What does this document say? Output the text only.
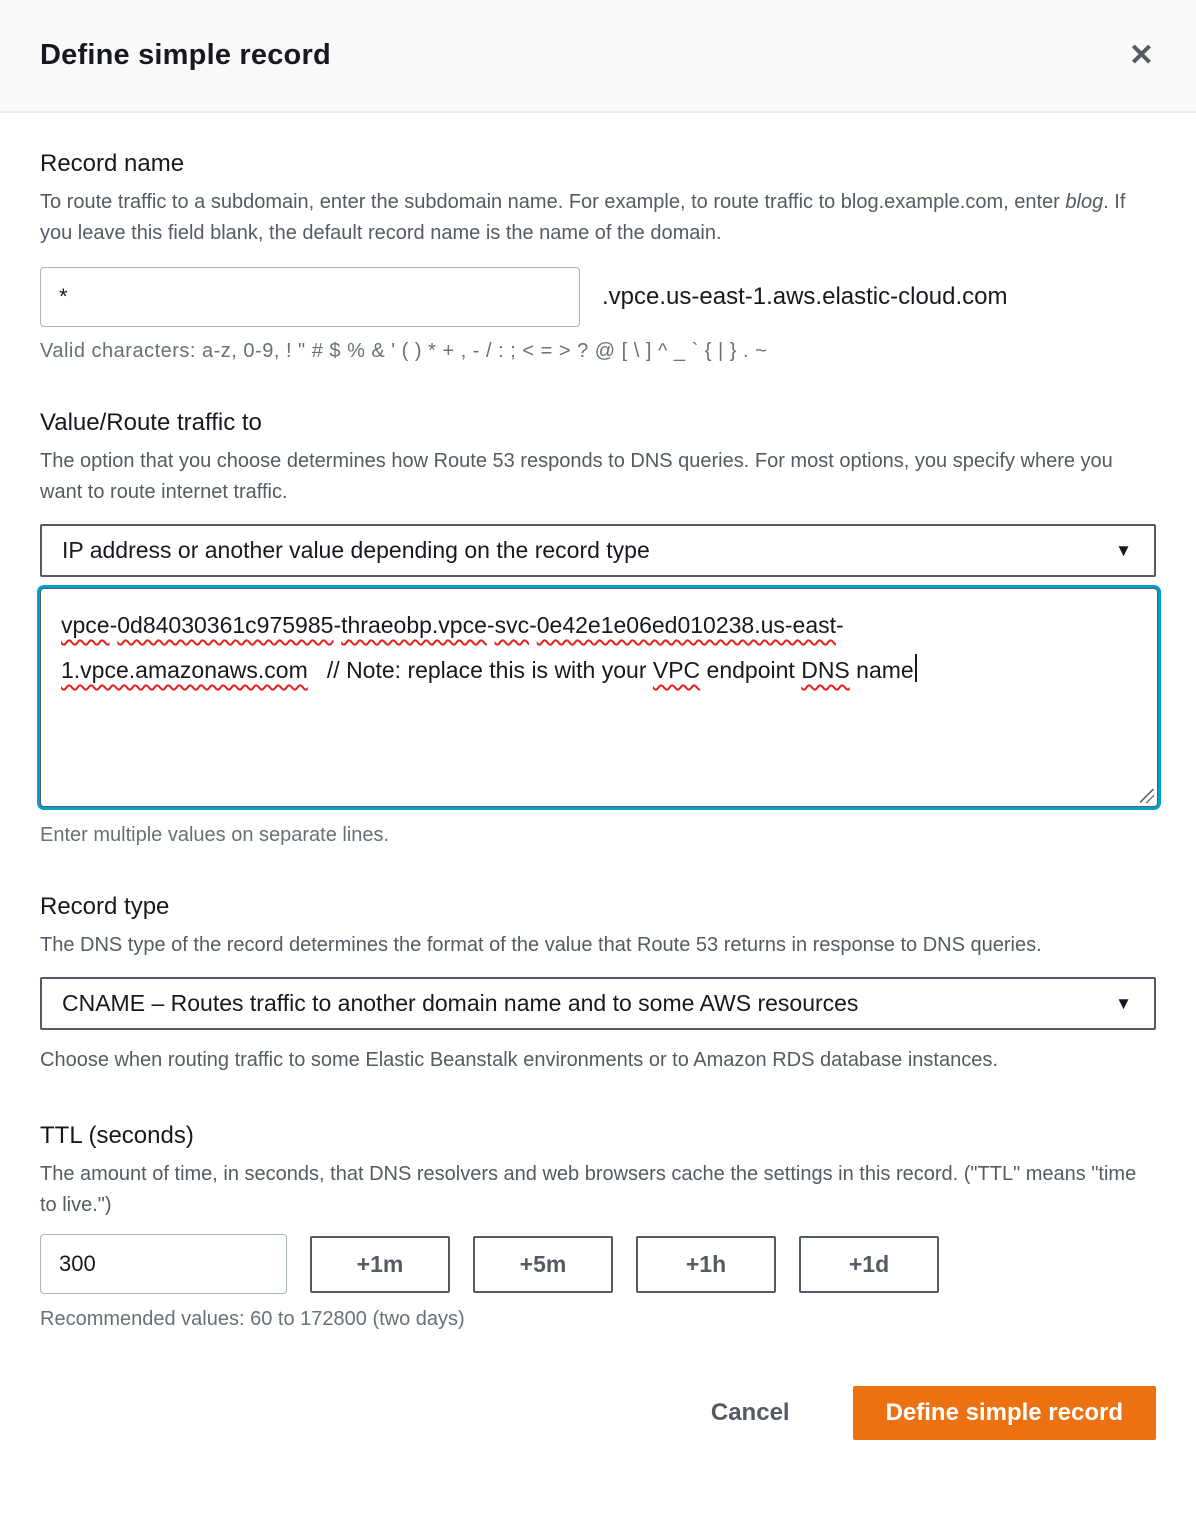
Define simple record	✕
Record name
To route traffic to a subdomain, enter the subdomain name. For example, to route traffic to blog.example.com, enter blog. If you leave this field blank, the default record name is the name of the domain.
*
.vpce.us-east-1.aws.elastic-cloud.com
Valid characters: a-z, 0-9, ! " # $ % & ' ( ) * + , - / : ; < = > ? @ [ \ ] ^ _ ` { | } . ~
Value/Route traffic to
The option that you choose determines how Route 53 responds to DNS queries. For most options, you specify where you want to route internet traffic.
IP address or another value depending on the record type	▼
vpce-0d84030361c975985-thraeobp.vpce-svc-0e42e1e06ed010238.us-east-
1.vpce.amazonaws.com   // Note: replace this is with your VPC endpoint DNS name

Enter multiple values on separate lines.
Record type
The DNS type of the record determines the format of the value that Route 53 returns in response to DNS queries.
CNAME – Routes traffic to another domain name and to some AWS resources	▼
Choose when routing traffic to some Elastic Beanstalk environments or to Amazon RDS database instances.
TTL (seconds)
The amount of time, in seconds, that DNS resolvers and web browsers cache the settings in this record. ("TTL" means "time to live.")
300
+1m	+5m	+1h	+1d
Recommended values: 60 to 172800 (two days)
Cancel	Define simple record
